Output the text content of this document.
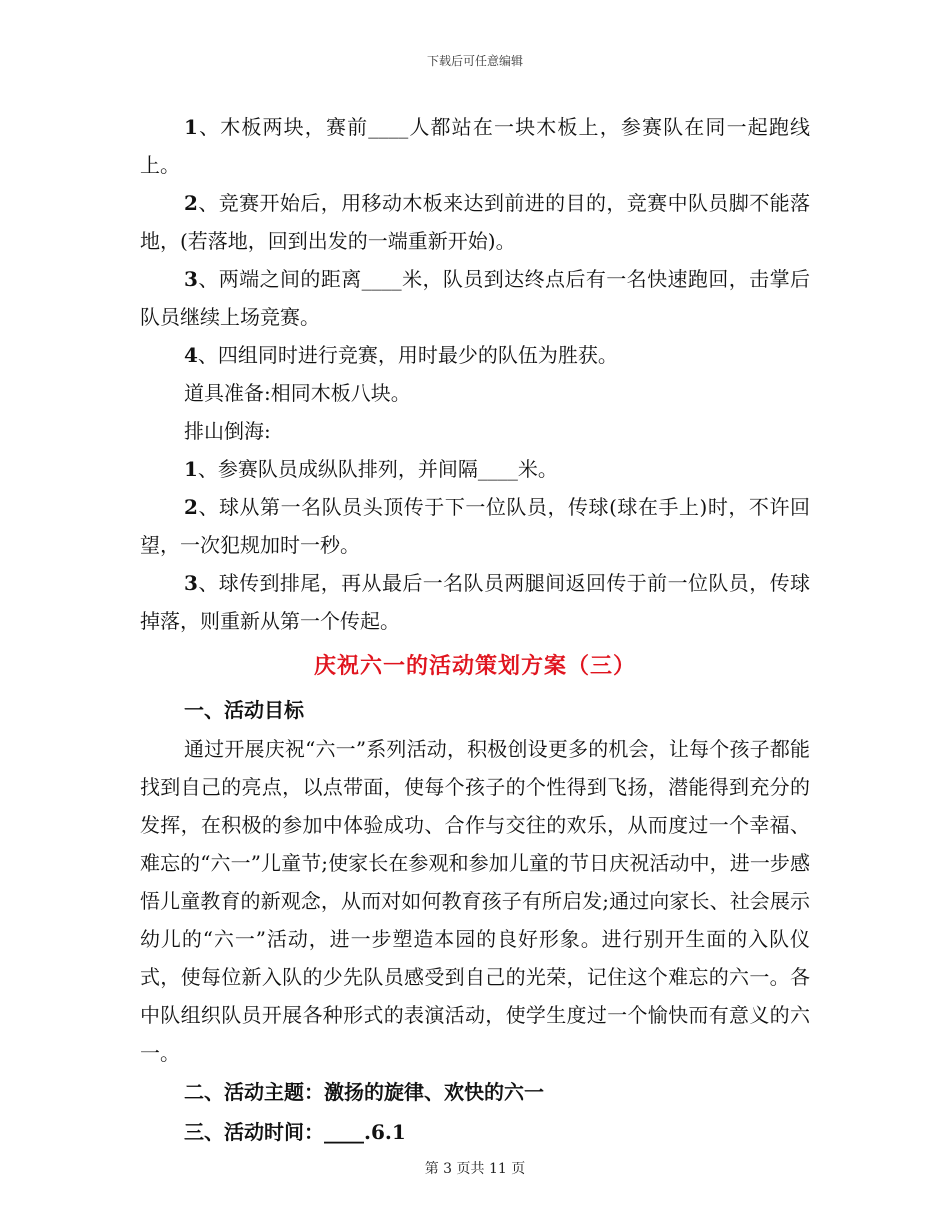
下载后可任意编辑

1、木板两块，赛前____人都站在一块木板上，参赛队在同一起跑线上。

2、竞赛开始后，用移动木板来达到前进的目的，竞赛中队员脚不能落地，(若落地，回到出发的一端重新开始)。

3、两端之间的距离____米，队员到达终点后有一名快速跑回，击掌后队员继续上场竞赛。

4、四组同时进行竞赛，用时最少的队伍为胜获。

道具准备:相同木板八块。

排山倒海:

1、参赛队员成纵队排列，并间隔____米。

2、球从第一名队员头顶传于下一位队员，传球(球在手上)时，不许回望，一次犯规加时一秒。

3、球传到排尾，再从最后一名队员两腿间返回传于前一位队员，传球掉落，则重新从第一个传起。

庆祝六一的活动策划方案（三）

一、活动目标

通过开展庆祝“六一”系列活动，积极创设更多的机会，让每个孩子都能找到自己的亮点，以点带面，使每个孩子的个性得到飞扬，潜能得到充分的发挥，在积极的参加中体验成功、合作与交往的欢乐，从而度过一个幸福、难忘的“六一”儿童节;使家长在参观和参加儿童的节日庆祝活动中，进一步感悟儿童教育的新观念，从而对如何教育孩子有所启发;通过向家长、社会展示幼儿的“六一”活动，进一步塑造本园的良好形象。进行别开生面的入队仪式，使每位新入队的少先队员感受到自己的光荣，记住这个难忘的六一。各中队组织队员开展各种形式的表演活动，使学生度过一个愉快而有意义的六一。

二、活动主题：激扬的旋律、欢快的六一

三、活动时间：____.6.1

第 3 页共 11 页
